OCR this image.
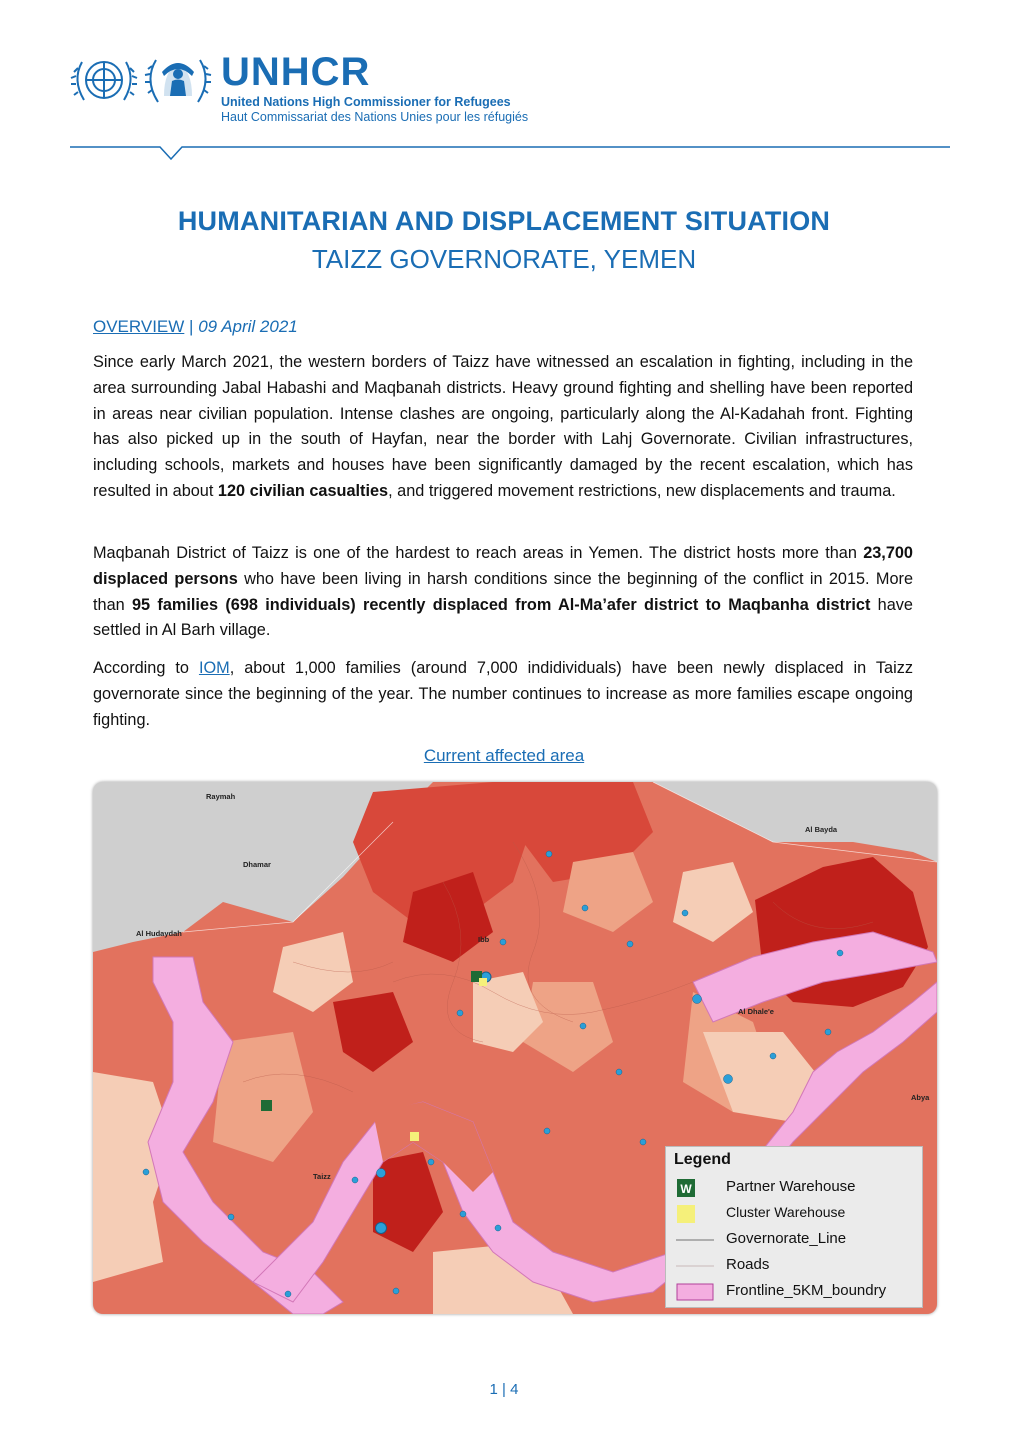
UNHCR
United Nations High Commissioner for Refugees
Haut Commissariat des Nations Unies pour les réfugiés
HUMANITARIAN AND DISPLACEMENT SITUATION
TAIZZ GOVERNORATE, YEMEN
OVERVIEW | 09 April 2021
Since early March 2021, the western borders of Taizz have witnessed an escalation in fighting, including in the area surrounding Jabal Habashi and Maqbanah districts. Heavy ground fighting and shelling have been reported in areas near civilian population. Intense clashes are ongoing, particularly along the Al-Kadahah front. Fighting has also picked up in the south of Hayfan, near the border with Lahj Governorate. Civilian infrastructures, including schools, markets and houses have been significantly damaged by the recent escalation, which has resulted in about 120 civilian casualties, and triggered movement restrictions, new displacements and trauma.
Maqbanah District of Taizz is one of the hardest to reach areas in Yemen. The district hosts more than 23,700 displaced persons who have been living in harsh conditions since the beginning of the conflict in 2015. More than 95 families (698 individuals) recently displaced from Al-Ma’afer district to Maqbanha district have settled in Al Barh village.
According to IOM, about 1,000 families (around 7,000 indidividuals) have been newly displaced in Taizz governorate since the beginning of the year. The number continues to increase as more families escape ongoing fighting.
Current affected area
Raymah
Dhamar
Al Bayda
Al Hudaydah
Ibb
Al Dhale'e
Abya
Taizz
Legend
W Partner Warehouse
Cluster Warehouse
Governorate_Line
Roads
Frontline_5KM_boundry
1 | 4
